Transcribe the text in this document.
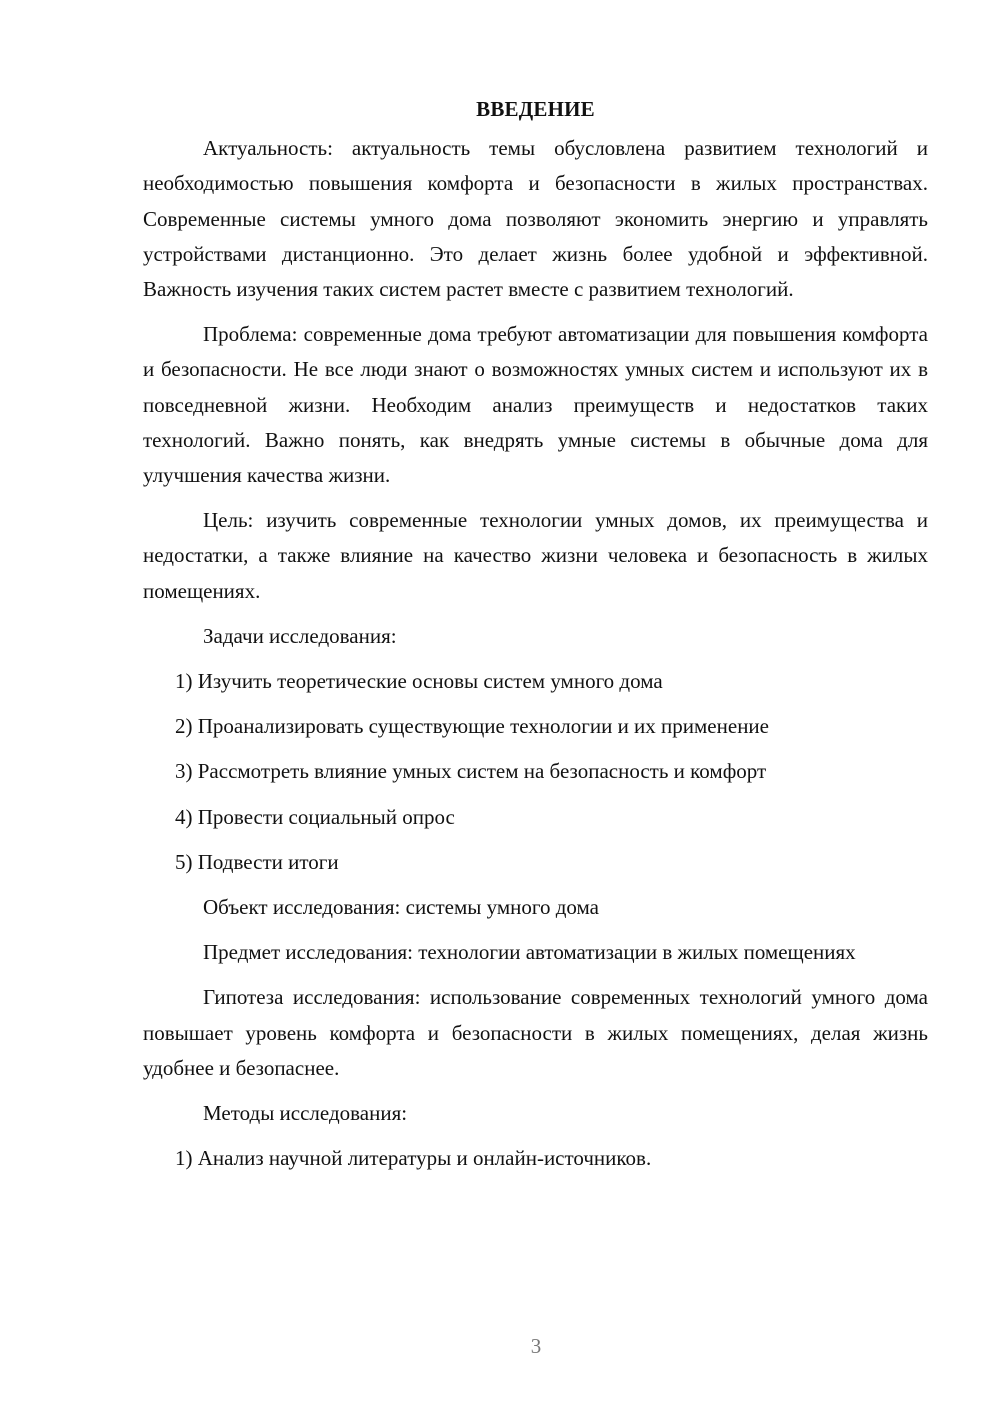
ВВЕДЕНИЕ

Актуальность: актуальность темы обусловлена развитием технологий и необходимостью повышения комфорта и безопасности в жилых пространствах. Современные системы умного дома позволяют экономить энергию и управлять устройствами дистанционно. Это делает жизнь более удобной и эффективной. Важность изучения таких систем растет вместе с развитием технологий.

Проблема: современные дома требуют автоматизации для повышения комфорта и безопасности. Не все люди знают о возможностях умных систем и используют их в повседневной жизни. Необходим анализ преимуществ и недостатков таких технологий. Важно понять, как внедрять умные системы в обычные дома для улучшения качества жизни.

Цель: изучить современные технологии умных домов, их преимущества и недостатки, а также влияние на качество жизни человека и безопасность в жилых помещениях.

Задачи исследования:
1) Изучить теоретические основы систем умного дома
2) Проанализировать существующие технологии и их применение
3) Рассмотреть влияние умных систем на безопасность и комфорт
4) Провести социальный опрос
5) Подвести итоги
Объект исследования: системы умного дома

Предмет исследования: технологии автоматизации в жилых помещениях

Гипотеза исследования: использование современных технологий умного дома повышает уровень комфорта и безопасности в жилых помещениях, делая жизнь удобнее и безопаснее.

Методы исследования:
1) Анализ научной литературы и онлайн-источников.
3
